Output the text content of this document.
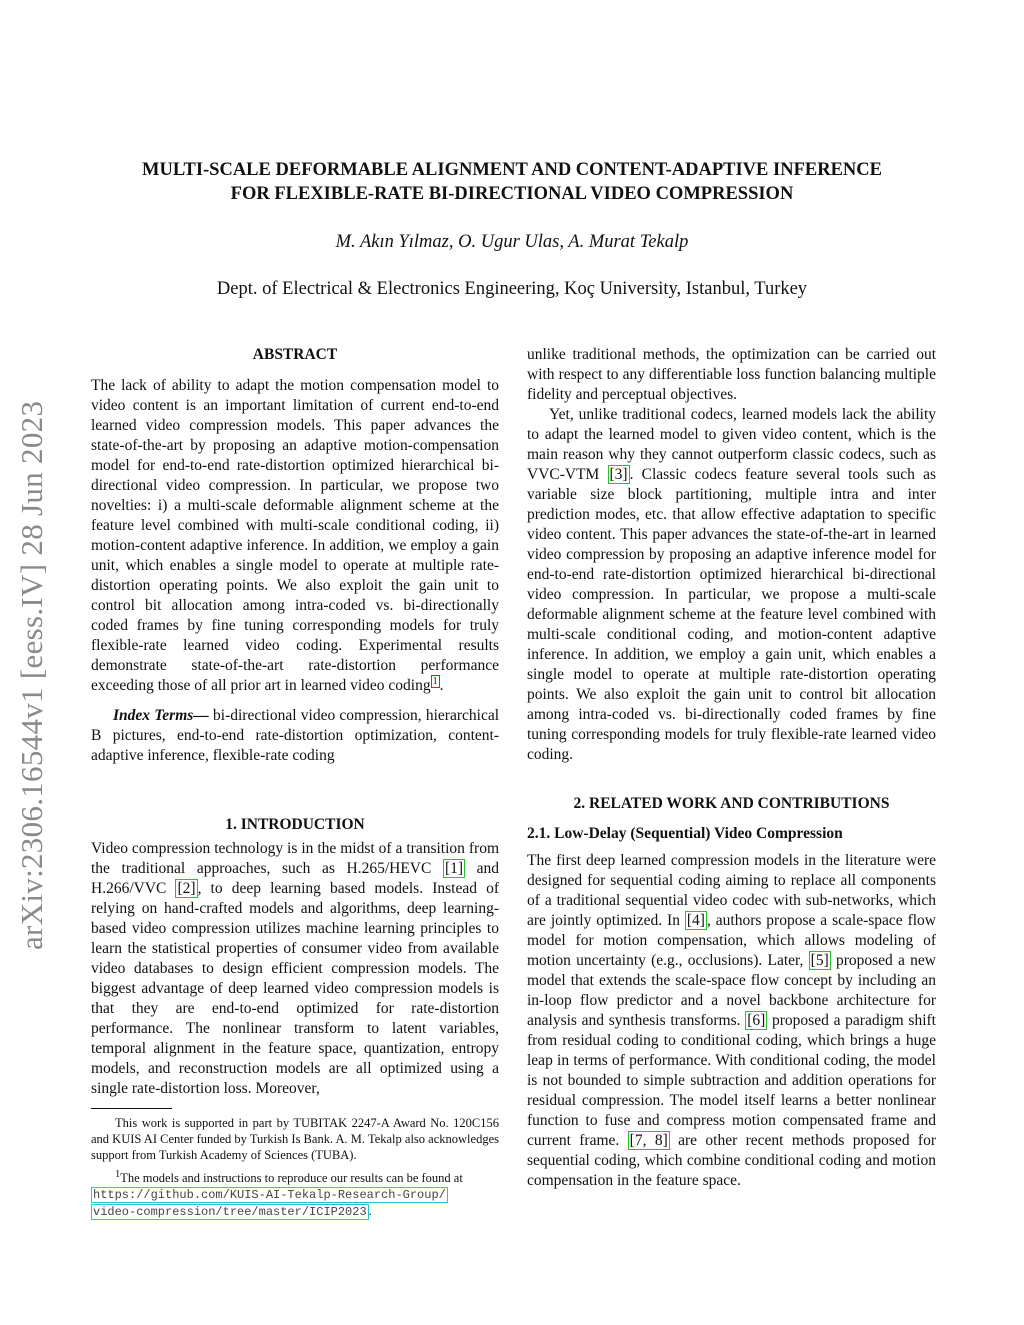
MULTI-SCALE DEFORMABLE ALIGNMENT AND CONTENT-ADAPTIVE INFERENCE
FOR FLEXIBLE-RATE BI-DIRECTIONAL VIDEO COMPRESSION
M. Akın Yılmaz, O. Ugur Ulas, A. Murat Tekalp
Dept. of Electrical & Electronics Engineering, Koç University, Istanbul, Turkey
arXiv:2306.16544v1 [eess.IV] 28 Jun 2023

ABSTRACT

The lack of ability to adapt the motion compensation model to video content is an important limitation of current end-to-end learned video compression models. This paper advances the state-of-the-art by proposing an adaptive motion-compensation model for end-to-end rate-distortion optimized hierarchical bi-directional video compression. In particular, we propose two novelties: i) a multi-scale deformable alignment scheme at the feature level combined with multi-scale conditional coding, ii) motion-content adaptive inference. In addition, we employ a gain unit, which enables a single model to operate at multiple rate-distortion operating points. We also exploit the gain unit to control bit allocation among intra-coded vs. bi-directionally coded frames by fine tuning corresponding models for truly flexible-rate learned video coding. Experimental results demonstrate state-of-the-art rate-distortion performance exceeding those of all prior art in learned video coding $^1$ .

Index Terms— bi-directional video compression, hierarchical B pictures, end-to-end rate-distortion optimization, content-adaptive inference, flexible-rate coding

1. INTRODUCTION

Video compression technology is in the midst of a transition from the traditional approaches, such as H.265/HEVC [1] and H.266/VVC [2] , to deep learning based models. Instead of relying on hand-crafted models and algorithms, deep learning-based video compression utilizes machine learning principles to learn the statistical properties of consumer video from available video databases to design efficient compression models. The biggest advantage of deep learned video compression models is that they are end-to-end optimized for rate-distortion performance. The nonlinear transform to latent variables, temporal alignment in the feature space, quantization, entropy models, and reconstruction models are all optimized using a single rate-distortion loss. Moreover,

This work is supported in part by TUBITAK 2247-A Award No. 120C156 and KUIS AI Center funded by Turkish Is Bank. A. M. Tekalp also acknowledges support from Turkish Academy of Sciences (TUBA).

$^1$The models and instructions to reproduce our results can be found at

https://github.com/KUIS-AI-Tekalp-Research-Group/

video-compression/tree/master/ICIP2023 .

unlike traditional methods, the optimization can be carried out with respect to any differentiable loss function balancing multiple fidelity and perceptual objectives.

Yet, unlike traditional codecs, learned models lack the ability to adapt the learned model to given video content, which is the main reason why they cannot outperform classic codecs, such as VVC-VTM [3] . Classic codecs feature several tools such as variable size block partitioning, multiple intra and inter prediction modes, etc. that allow effective adaptation to specific video content. This paper advances the state-of-the-art in learned video compression by proposing an adaptive inference model for end-to-end rate-distortion optimized hierarchical bi-directional video compression. In particular, we propose a multi-scale deformable alignment scheme at the feature level combined with multi-scale conditional coding, and motion-content adaptive inference. In addition, we employ a gain unit, which enables a single model to operate at multiple rate-distortion operating points. We also exploit the gain unit to control bit allocation among intra-coded vs. bi-directionally coded frames by fine tuning corresponding models for truly flexible-rate learned video coding.

2. RELATED WORK AND CONTRIBUTIONS

2.1. Low-Delay (Sequential) Video Compression

The first deep learned compression models in the literature were designed for sequential coding aiming to replace all components of a traditional sequential video codec with sub-networks, which are jointly optimized. In [4] , authors propose a scale-space flow model for motion compensation, which allows modeling of motion uncertainty (e.g., occlusions). Later, [5] proposed a new model that extends the scale-space flow concept by including an in-loop flow predictor and a novel backbone architecture for analysis and synthesis transforms. [6] proposed a paradigm shift from residual coding to conditional coding, which brings a huge leap in terms of performance. With conditional coding, the model is not bounded to simple subtraction and addition operations for residual compression. The model itself learns a better nonlinear function to fuse and compress motion compensated frame and current frame. [7, 8] are other recent methods proposed for sequential coding, which combine conditional coding and motion compensation in the feature space.
